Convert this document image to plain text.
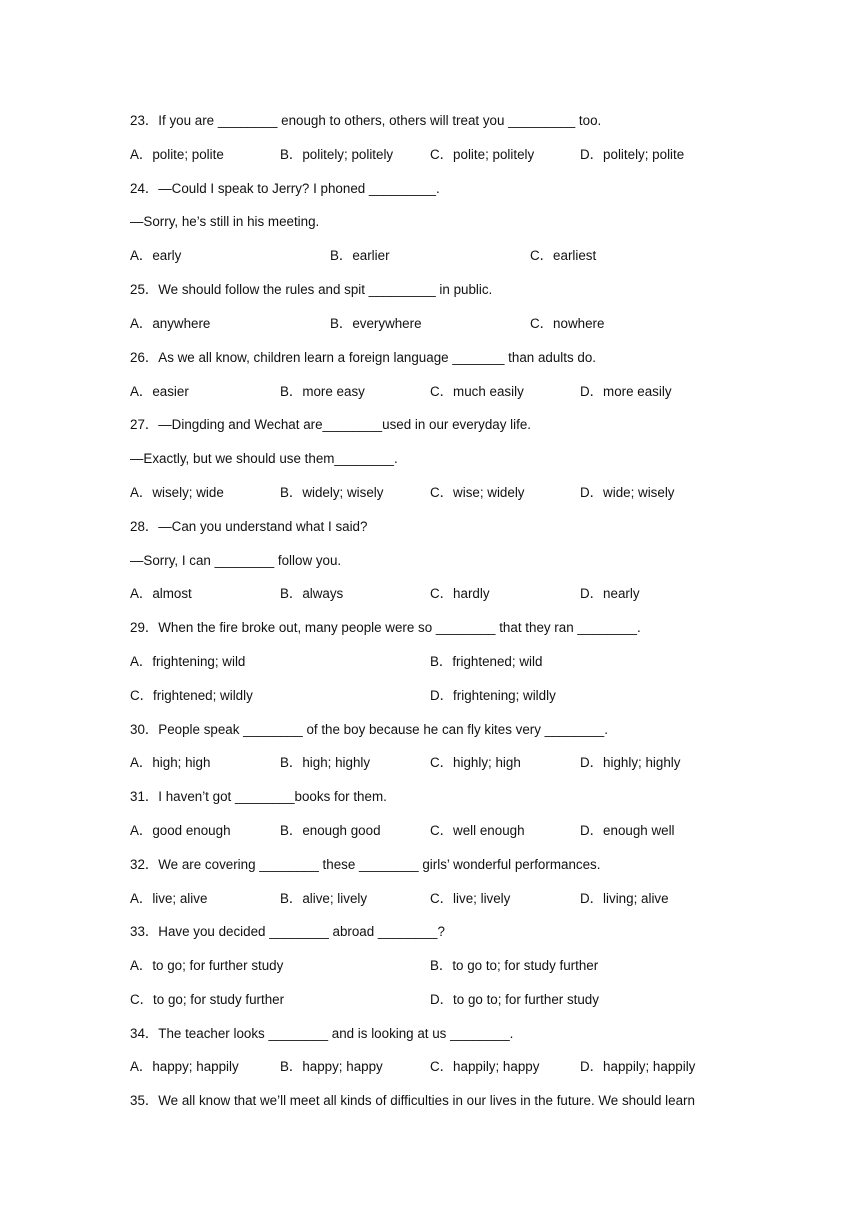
23．If you are ________ enough to others, others will treat you _________ too.
A．polite; polite	B．politely; politely	C．polite; politely	D．politely; polite
24．—Could I speak to Jerry? I phoned _________.
—Sorry, he’s still in his meeting.
A．early	B．earlier	C．earliest
25．We should follow the rules and spit _________ in public.
A．anywhere	B．everywhere	C．nowhere
26．As we all know, children learn a foreign language _______ than adults do.
A．easier	B．more easy	C．much easily	D．more easily
27．—Dingding and Wechat are________used in our everyday life.
—Exactly, but we should use them________.
A．wisely; wide	B．widely; wisely	C．wise; widely	D．wide; wisely
28．—Can you understand what I said?
—Sorry, I can ________ follow you.
A．almost	B．always	C．hardly	D．nearly
29．When the fire broke out, many people were so ________ that they ran ________.
A．frightening; wild	B．frightened; wild
C．frightened; wildly	D．frightening; wildly
30．People speak ________ of the boy because he can fly kites very ________.
A．high; high	B．high; highly	C．highly; high	D．highly; highly
31．I haven’t got ________books for them.
A．good enough	B．enough good	C．well enough	D．enough well
32．We are covering ________ these ________ girls’ wonderful performances.
A．live; alive	B．alive; lively	C．live; lively	D．living; alive
33．Have you decided ________ abroad ________?
A．to go; for further study	B．to go to; for study further
C．to go; for study further	D．to go to; for further study
34．The teacher looks ________ and is looking at us ________.
A．happy; happily	B．happy; happy	C．happily; happy	D．happily; happily
35．We all know that we’ll meet all kinds of difficulties in our lives in the future. We should learn
